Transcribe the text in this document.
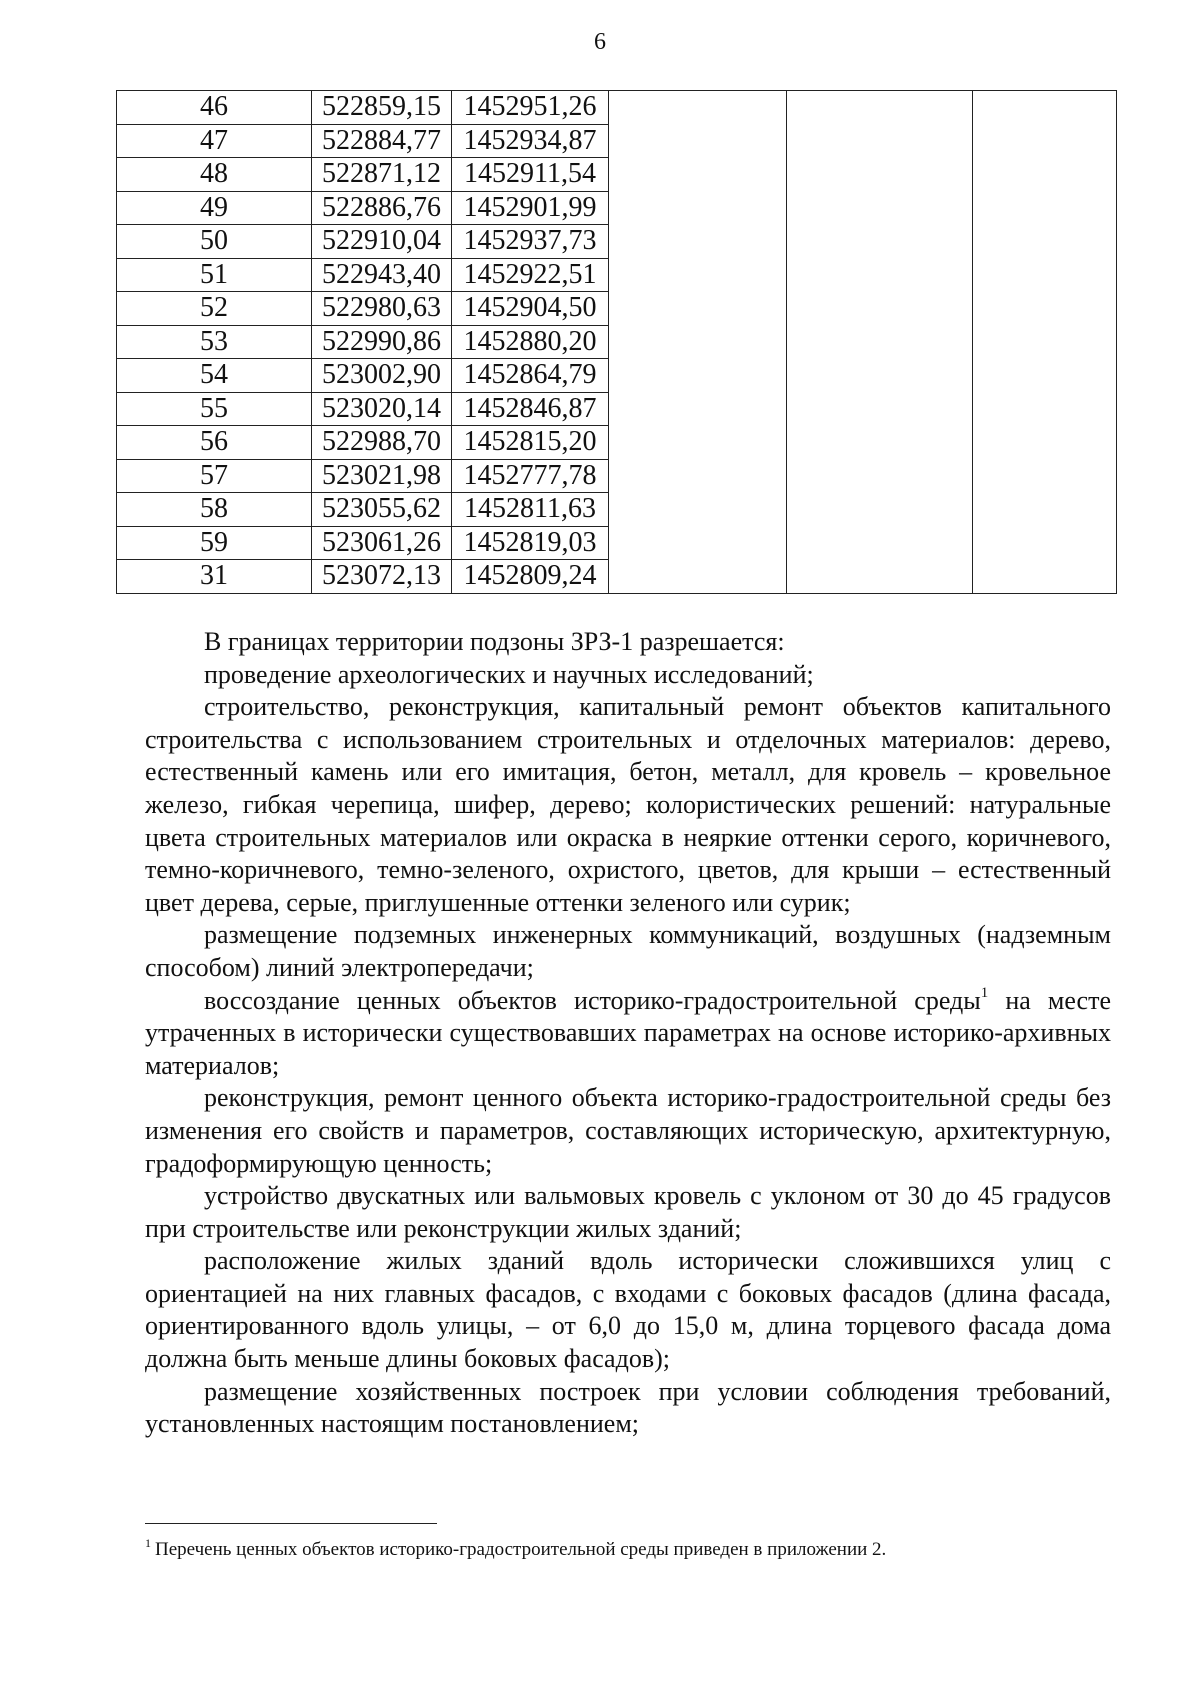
6
46	522859,15	1452951,26			
47	522884,77	1452934,87			
48	522871,12	1452911,54			
49	522886,76	1452901,99			
50	522910,04	1452937,73			
51	522943,40	1452922,51			
52	522980,63	1452904,50			
53	522990,86	1452880,20			
54	523002,90	1452864,79			
55	523020,14	1452846,87			
56	522988,70	1452815,20			
57	523021,98	1452777,78			
58	523055,62	1452811,63			
59	523061,26	1452819,03			
31	523072,13	1452809,24			

В границах территории подзоны ЗРЗ-1 разрешается:

проведение археологических и научных исследований;

строительство, реконструкция, капитальный ремонт объектов капитального строительства с использованием строительных и отделочных материалов: дерево, естественный камень или его имитация, бетон, металл, для кровель – кровельное железо, гибкая черепица, шифер, дерево; колористических решений: натуральные цвета строительных материалов или окраска в неяркие оттенки серого, коричневого, темно-коричневого, темно-зеленого, охристого, цветов, для крыши – естественный цвет дерева, серые, приглушенные оттенки зеленого или сурик;

размещение подземных инженерных коммуникаций, воздушных (надземным способом) линий электропередачи;

воссоздание ценных объектов историко-градостроительной среды$^1$ на месте утраченных в исторически существовавших параметрах на основе историко-архивных материалов;

реконструкция, ремонт ценного объекта историко-градостроительной среды без изменения его свойств и параметров, составляющих историческую, архитектурную, градоформирующую ценность;

устройство двускатных или вальмовых кровель с уклоном от 30 до 45 градусов при строительстве или реконструкции жилых зданий;

расположение жилых зданий вдоль исторически сложившихся улиц с ориентацией на них главных фасадов, с входами с боковых фасадов (длина фасада, ориентированного вдоль улицы, – от 6,0 до 15,0 м, длина торцевого фасада дома должна быть меньше длины боковых фасадов);

размещение хозяйственных построек при условии соблюдения требований, установленных настоящим постановлением;

$^1$ Перечень ценных объектов историко-градостроительной среды приведен в приложении 2.
